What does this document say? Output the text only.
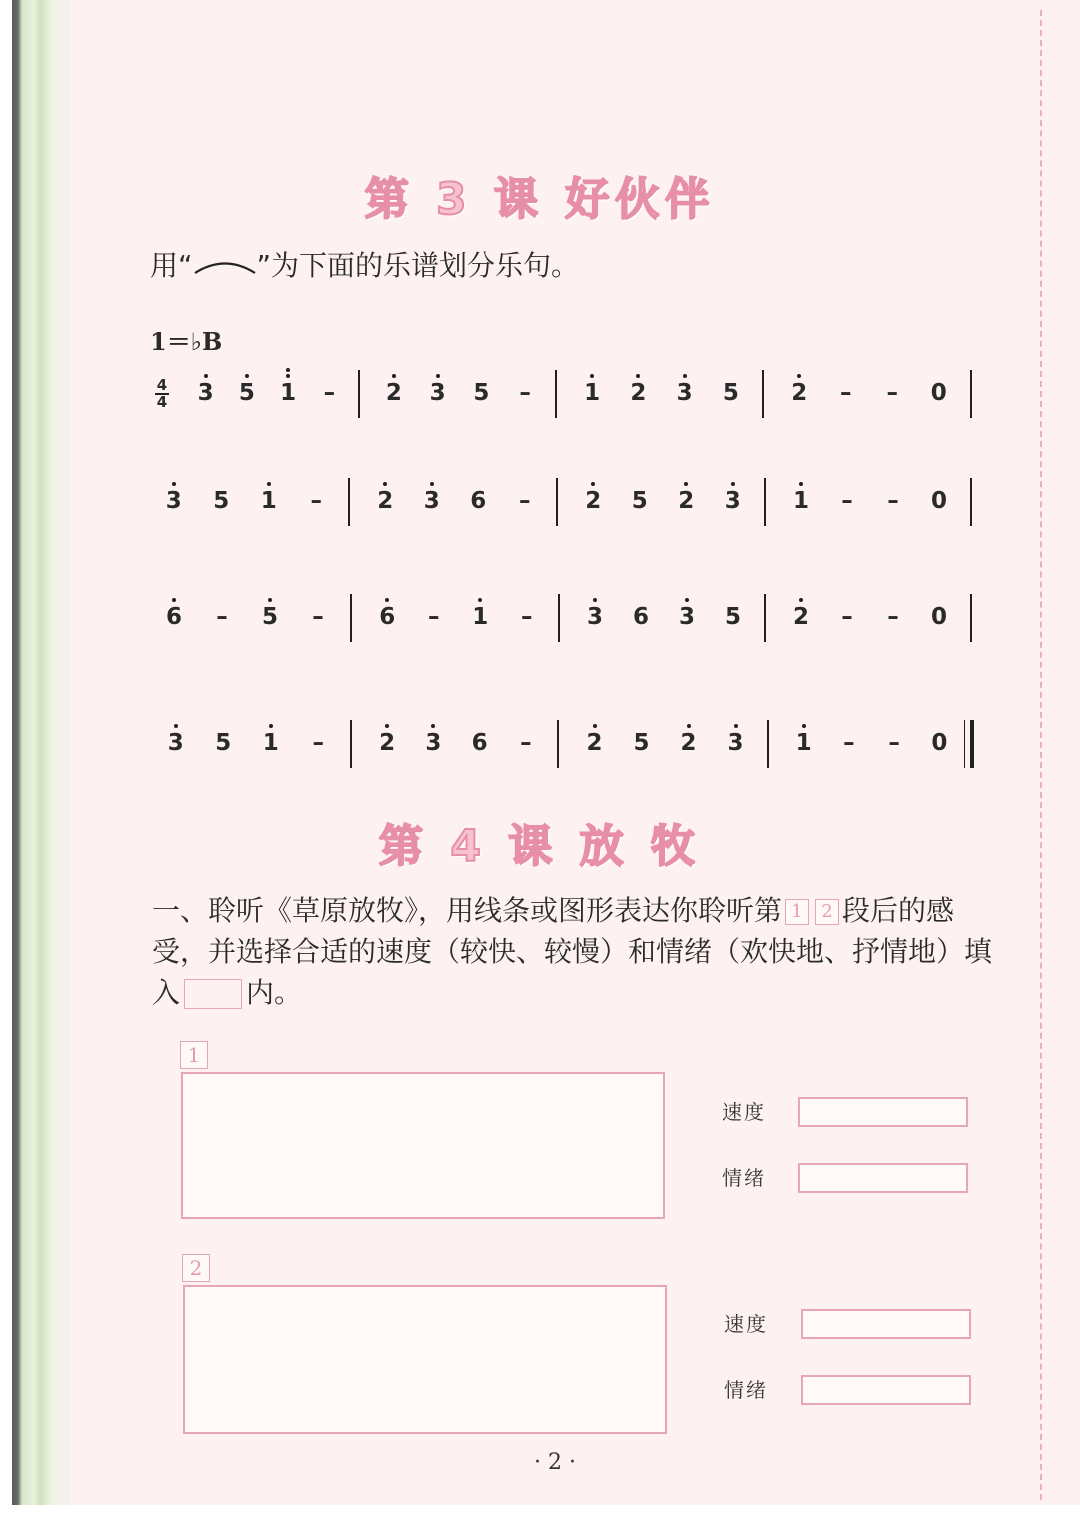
第 3 课 好伙伴
用“ ”为下面的乐谱划分乐句。
1＝♭B
4
4 3 5 1 – 2 3 5 – 1 2 3 5 2 – – 0
3 5 1 – 2 3 6 – 2 5 2 3 1 – – 0
6 – 5 – 6 – 1 – 3 6 3 5 2 – – 0
3 5 1 – 2 3 6 – 2 5 2 3 1 – – 0
第 4 课 放 牧
一、聆听《草原放牧》，用线条或图形表达你聆听第 1 2 段后的感受，并选择合适的速度（较快、较慢）和情绪（欢快地、抒情地）填入 内。
1
速度
情绪
2
速度
情绪
· 2 ·
